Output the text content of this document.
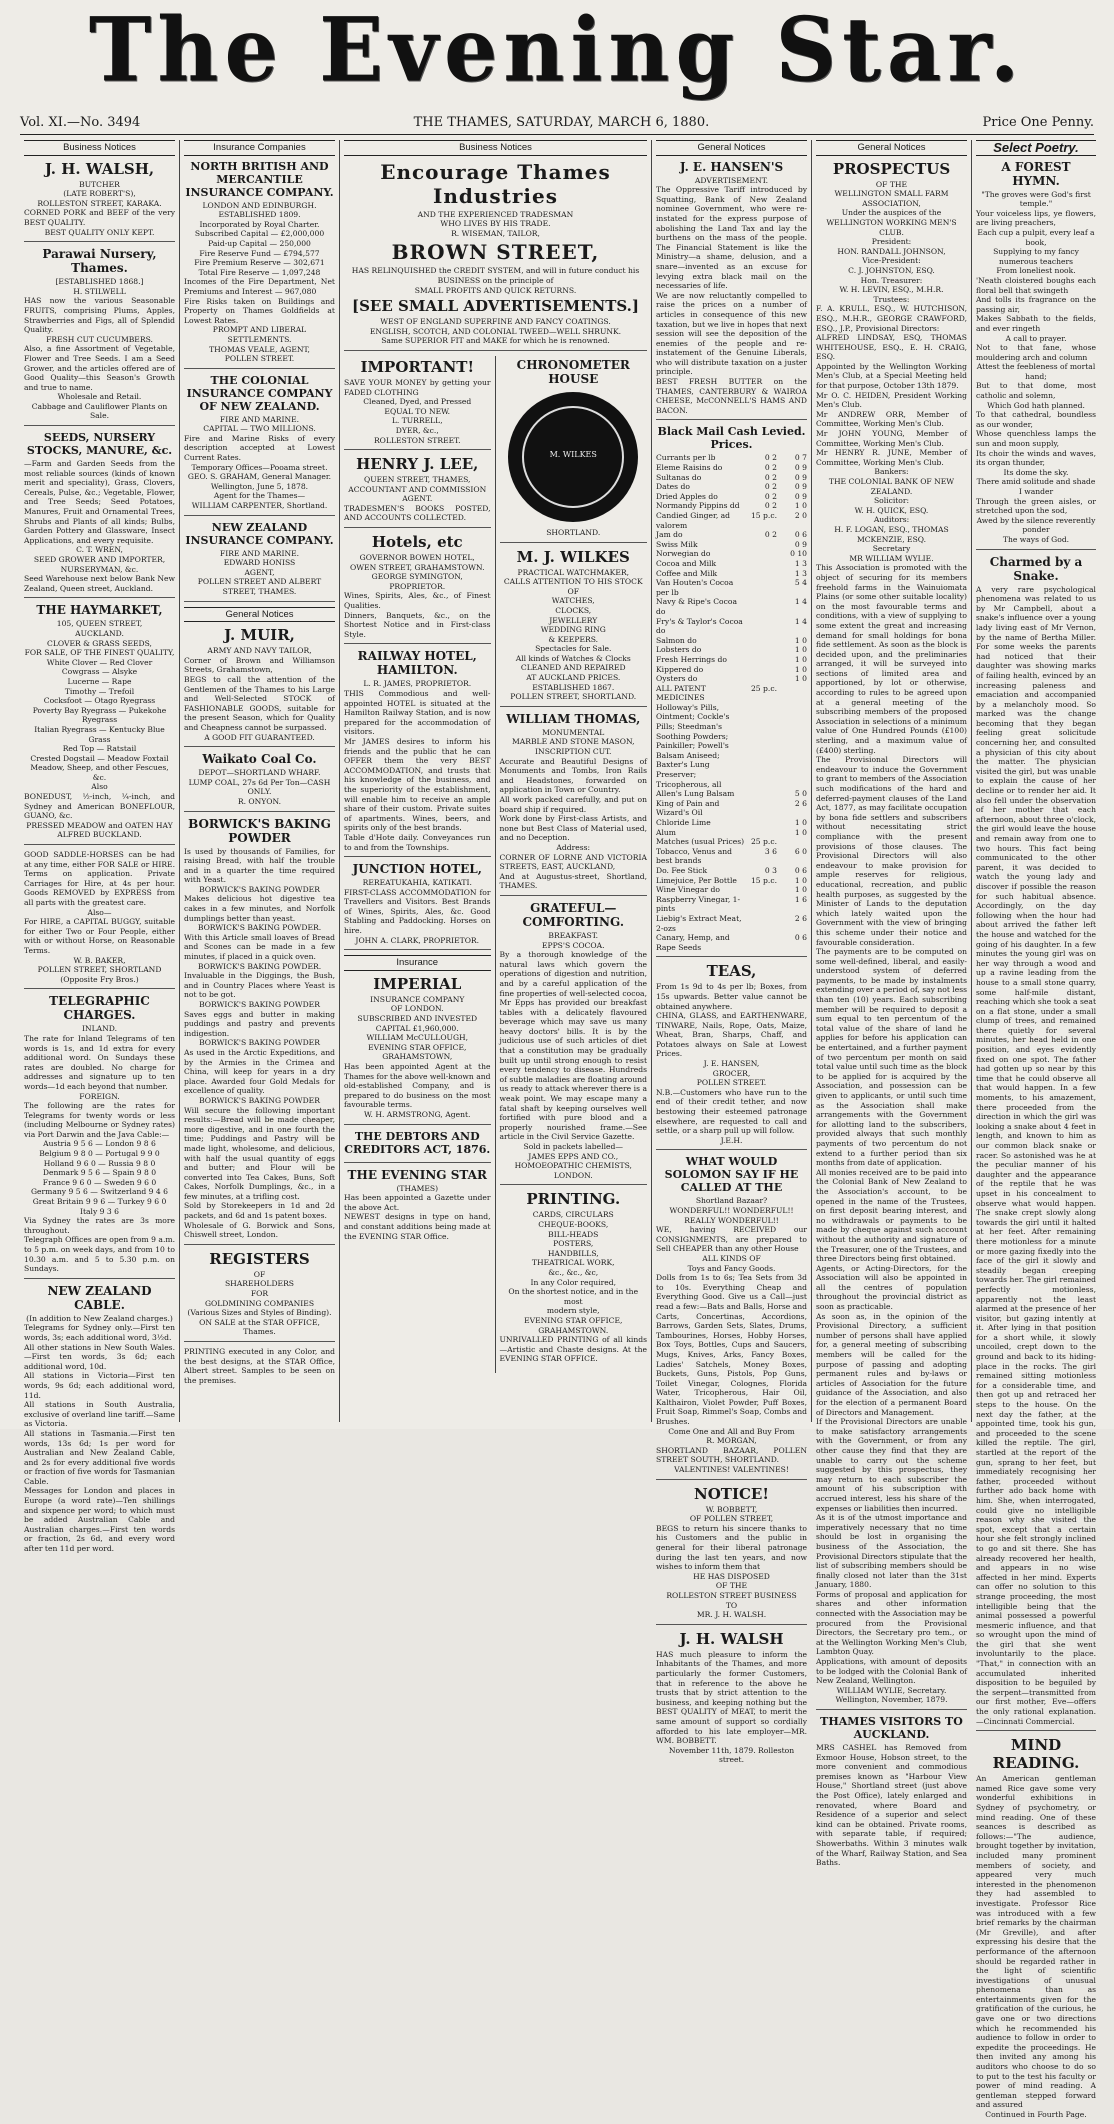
The Evening Star.
Vol. XI.—No. 3494	THE THAMES, SATURDAY, MARCH 6, 1880.	Price One Penny.
Business Notices
J. H. WALSH,
BUTCHER
(LATE ROBERT'S),
ROLLESTON STREET, KARAKA.
CORNED PORK and BEEF of the very BEST QUALITY.
BEST QUALITY ONLY KEPT.
Parawai Nursery, Thames.
[ESTABLISHED 1868.]
H. STILWELL
HAS now the various Seasonable FRUITS, comprising Plums, Apples, Strawberries and Figs, all of Splendid Quality.
FRESH CUT CUCUMBERS.
Also, a fine Assortment of Vegetable, Flower and Tree Seeds. I am a Seed Grower, and the articles offered are of Good Quality—this Season's Growth and true to name.
Wholesale and Retail.
Cabbage and Cauliflower Plants on Sale.
SEEDS, NURSERY STOCKS, MANURE, &c.
—Farm and Garden Seeds from the most reliable sources (kinds of known merit and speciality), Grass, Clovers, Cereals, Pulse, &c.; Vegetable, Flower, and Tree Seeds; Seed Potatoes, Manures, Fruit and Ornamental Trees, Shrubs and Plants of all kinds; Bulbs, Garden Pottery and Glassware, Insect Applications, and every requisite.
C. T. WREN,
SEED GROWER AND IMPORTER, NURSERYMAN, &c.
Seed Warehouse next below Bank New Zealand, Queen street, Auckland.
THE HAYMARKET,
105, QUEEN STREET,
AUCKLAND.
CLOVER & GRASS SEEDS,
FOR SALE, OF THE FINEST QUALITY,
White Clover — Red Clover
Cowgrass — Alsyke
Lucerne — Rape
Timothy — Trefoil
Cocksfoot — Otago Ryegrass
Poverty Bay Ryegrass — Pukekohe Ryegrass
Italian Ryegrass — Kentucky Blue Grass
Red Top — Ratstail
Crested Dogstail — Meadow Foxtail
Meadow, Sheep, and other Fescues, &c.
Also
BONEDUST, ½-inch, ¼-inch, and Sydney and American BONEFLOUR, GUANO, &c.
PRESSED MEADOW and OATEN HAY
ALFRED BUCKLAND.
GOOD SADDLE-HORSES can be had at any time, either FOR SALE or HIRE. Terms on application. Private Carriages for Hire, at 4s per hour. Goods REMOVED by EXPRESS from all parts with the greatest care.
Also—
For HIRE, a CAPITAL BUGGY, suitable for either Two or Four People, either with or without Horse, on Reasonable Terms.
W. B. BAKER,
POLLEN STREET, SHORTLAND
(Opposite Fry Bros.)
TELEGRAPHIC CHARGES.
INLAND.
The rate for Inland Telegrams of ten words is 1s, and 1d extra for every additional word. On Sundays these rates are doubled. No charge for addresses and signature up to ten words—1d each beyond that number.
FOREIGN.
The following are the rates for Telegrams for twenty words or less (including Melbourne or Sydney rates) via Port Darwin and the Java Cable:—
Austria 9 5 6 — London 9 8 6
Belgium 9 8 0 — Portugal 9 9 0
Holland 9 6 0 — Russia 9 8 0
Denmark 9 5 6 — Spain 9 8 0
France 9 6 0 — Sweden 9 6 0
Germany 9 5 6 — Switzerland 9 4 6
Great Britain 9 9 6 — Turkey 9 6 0
Italy 9 3 6
Via Sydney the rates are 3s more throughout.
Telegraph Offices are open from 9 a.m. to 5 p.m. on week days, and from 10 to 10.30 a.m. and 5 to 5.30 p.m. on Sundays.
NEW ZEALAND CABLE.
(In addition to New Zealand charges.)
Telegrams for Sydney only.—First ten words, 3s; each additional word, 3½d.
All other stations in New South Wales.—First ten words, 3s 6d; each additional word, 10d.
All stations in Victoria—First ten words, 9s 6d; each additional word, 11d.
All stations in South Australia, exclusive of overland line tariff.—Same as Victoria.
All stations in Tasmania.—First ten words, 13s 6d; 1s per word for Australian and New Zealand Cable, and 2s for every additional five words or fraction of five words for Tasmanian Cable.
Messages for London and places in Europe (a word rate)—Ten shillings and sixpence per word; to which must be added Australian Cable and Australian charges.—First ten words or fraction, 2s 6d, and every word after ten 11d per word.
Insurance Companies
NORTH BRITISH AND MERCANTILE INSURANCE COMPANY.
LONDON AND EDINBURGH.
ESTABLISHED 1809.
Incorporated by Royal Charter.
Subscribed Capital — £2,000,000
Paid-up Capital — 250,000
Fire Reserve Fund — £794,577
Fire Premium Reserve — 302,671
Total Fire Reserve — 1,097,248
Incomes of the Fire Department, Net Premiums and Interest — 967,080
Fire Risks taken on Buildings and Property on Thames Goldfields at Lowest Rates.
PROMPT AND LIBERAL SETTLEMENTS.
THOMAS VEALE, AGENT,
POLLEN STREET.
THE COLONIAL INSURANCE COMPANY OF NEW ZEALAND.
FIRE AND MARINE.
CAPITAL — TWO MILLIONS.
Fire and Marine Risks of every description accepted at Lowest Current Rates.
Temporary Offices—Pooama street.
GEO. S. GRAHAM, General Manager.
Wellington, June 5, 1878.
Agent for the Thames—
WILLIAM CARPENTER, Shortland.
NEW ZEALAND INSURANCE COMPANY.
FIRE AND MARINE.
EDWARD HONISS
AGENT,
POLLEN STREET AND ALBERT STREET, THAMES.
General Notices
J. MUIR,
ARMY AND NAVY TAILOR,
Corner of Brown and Williamson Streets, Grahamstown,
BEGS to call the attention of the Gentlemen of the Thames to his Large and Well-Selected STOCK of FASHIONABLE GOODS, suitable for the present Season, which for Quality and Cheapness cannot be surpassed.
A GOOD FIT GUARANTEED.
Waikato Coal Co.
DEPOT—SHORTLAND WHARF.
LUMP COAL, 27s 6d Per Ton—CASH ONLY.
R. ONYON.
BORWICK'S BAKING POWDER
Is used by thousands of Families, for raising Bread, with half the trouble and in a quarter the time required with Yeast.
BORWICK'S BAKING POWDER
Makes delicious hot digestive tea cakes in a few minutes, and Norfolk dumplings better than yeast.
BORWICK'S BAKING POWDER.
With this Article small loaves of Bread and Scones can be made in a few minutes, if placed in a quick oven.
BORWICK'S BAKING POWDER.
Invaluable in the Diggings, the Bush, and in Country Places where Yeast is not to be got.
BORWICK'S BAKING POWDER
Saves eggs and butter in making puddings and pastry and prevents indigestion.
BORWICK'S BAKING POWDER
As used in the Arctic Expeditions, and by the Armies in the Crimea and China, will keep for years in a dry place. Awarded four Gold Medals for excellence of quality.
BORWICK'S BAKING POWDER
Will secure the following important results:—Bread will be made cheaper, more digestive, and in one fourth the time; Puddings and Pastry will be made light, wholesome, and delicious, with half the usual quantity of eggs and butter; and Flour will be converted into Tea Cakes, Buns, Soft Cakes, Norfolk Dumplings, &c., in a few minutes, at a trifling cost.
Sold by Storekeepers in 1d and 2d packets, and 6d and 1s patent boxes.
Wholesale of G. Borwick and Sons, Chiswell street, London.
REGISTERS
OF
SHAREHOLDERS
FOR
GOLDMINING COMPANIES
(Various Sizes and Styles of Binding).
ON SALE at the STAR OFFICE, Thames.
PRINTING executed in any Color, and the best designs, at the STAR Office, Albert street. Samples to be seen on the premises.
Business Notices
Encourage Thames Industries
AND THE EXPERIENCED TRADESMAN
WHO LIVES BY HIS TRADE.
R. WISEMAN, TAILOR,
BROWN STREET,
HAS RELINQUISHED the CREDIT SYSTEM, and will in future conduct his BUSINESS on the principle of
SMALL PROFITS AND QUICK RETURNS.
[SEE SMALL ADVERTISEMENTS.]
WEST OF ENGLAND SUPERFINE AND FANCY COATINGS.
ENGLISH, SCOTCH, AND COLONIAL TWEED—WELL SHRUNK.
Same SUPERIOR FIT and MAKE for which he is renowned.
IMPORTANT!
SAVE YOUR MONEY by getting your FADED CLOTHING
Cleaned, Dyed, and Pressed
EQUAL TO NEW.
L. TURRELL,
DYER, &c.,
ROLLESTON STREET.
HENRY J. LEE,
QUEEN STREET, THAMES,
ACCOUNTANT AND COMMISSION AGENT.
TRADESMEN'S BOOKS POSTED, AND ACCOUNTS COLLECTED.
Hotels, etc
GOVERNOR BOWEN HOTEL,
OWEN STREET, GRAHAMSTOWN.
GEORGE SYMINGTON, PROPRIETOR.
Wines, Spirits, Ales, &c., of Finest Qualities.
Dinners, Banquets, &c., on the Shortest Notice and in First-class Style.
RAILWAY HOTEL, HAMILTON.
L. R. JAMES, PROPRIETOR.
THIS Commodious and well-appointed HOTEL is situated at the Hamilton Railway Station, and is now prepared for the accommodation of visitors.
Mr JAMES desires to inform his friends and the public that he can OFFER them the very BEST ACCOMMODATION, and trusts that his knowledge of the business, and the superiority of the establishment, will enable him to receive an ample share of their custom. Private suites of apartments. Wines, beers, and spirits only of the best brands.
Table d'Hote daily. Conveyances run to and from the Townships.
JUNCTION HOTEL,
REREATUKAHIA, KATIKATI.
FIRST-CLASS ACCOMMODATION for Travellers and Visitors. Best Brands of Wines, Spirits, Ales, &c. Good Stabling and Paddocking. Horses on hire.
JOHN A. CLARK, PROPRIETOR.
Insurance
IMPERIAL
INSURANCE COMPANY
OF LONDON.
SUBSCRIBED AND INVESTED
CAPITAL £1,960,000.
WILLIAM McCULLOUGH,
EVENING STAR OFFICE,
GRAHAMSTOWN,
Has been appointed Agent at the Thames for the above well-known and old-established Company, and is prepared to do business on the most favourable terms.
W. H. ARMSTRONG, Agent.
THE DEBTORS AND CREDITORS ACT, 1876.
THE EVENING STAR
(THAMES)
Has been appointed a Gazette under the above Act.
NEWEST designs in type on hand, and constant additions being made at the EVENING STAR Office.
CHRONOMETER HOUSE
M. WILKES
SHORTLAND.
M. J. WILKES
PRACTICAL WATCHMAKER,
CALLS ATTENTION TO HIS STOCK OF
WATCHES,
CLOCKS,
JEWELLERY
WEDDING RING
& KEEPERS.
Spectacles for Sale.
All kinds of Watches & Clocks
CLEANED AND REPAIRED
AT AUCKLAND PRICES.
ESTABLISHED 1867.
POLLEN STREET, SHORTLAND.
WILLIAM THOMAS,
MONUMENTAL
MARBLE AND STONE MASON,
INSCRIPTION CUT.
Accurate and Beautiful Designs of Monuments and Tombs, Iron Rails and Headstones, forwarded on application in Town or Country.
All work packed carefully, and put on board ship if required.
Work done by First-class Artists, and none but Best Class of Material used, and no Deception.
Address:
CORNER OF LORNE AND VICTORIA STREETS, EAST, AUCKLAND,
And at Augustus-street, Shortland, THAMES.
GRATEFUL—COMFORTING.
BREAKFAST.
EPPS'S COCOA.
By a thorough knowledge of the natural laws which govern the operations of digestion and nutrition, and by a careful application of the fine properties of well-selected cocoa, Mr Epps has provided our breakfast tables with a delicately flavoured beverage which may save us many heavy doctors' bills. It is by the judicious use of such articles of diet that a constitution may be gradually built up until strong enough to resist every tendency to disease. Hundreds of subtle maladies are floating around us ready to attack wherever there is a weak point. We may escape many a fatal shaft by keeping ourselves well fortified with pure blood and a properly nourished frame.—See article in the Civil Service Gazette.
Sold in packets labelled—
JAMES EPPS AND CO.,
HOMOEOPATHIC CHEMISTS,
LONDON.
PRINTING.
CARDS, CIRCULARS
CHEQUE-BOOKS,
BILL-HEADS
POSTERS,
HANDBILLS,
THEATRICAL WORK,
&c., &c., &c,
In any Color required,
On the shortest notice, and in the most
modern style,
EVENING STAR OFFICE,
GRAHAMSTOWN.
UNRIVALLED PRINTING of all kinds —Artistic and Chaste designs. At the EVENING STAR OFFICE.
General Notices
J. E. HANSEN'S
ADVERTISEMENT.
The Oppressive Tariff introduced by Squatting, Bank of New Zealand nominee Government, who were re-instated for the express purpose of abolishing the Land Tax and lay the burthens on the mass of the people. The Financial Statement is like the Ministry—a shame, delusion, and a snare—invented as an excuse for levying extra black mail on the necessaries of life.
We are now reluctantly compelled to raise the prices on a number of articles in consequence of this new taxation, but we live in hopes that next session will see the deposition of the enemies of the people and re-instatement of the Genuine Liberals, who will distribute taxation on a juster principle.
BEST FRESH BUTTER on the THAMES, CANTERBURY & WAIROA CHEESE, McCONNELL'S HAMS AND BACON.
Black Mail Cash Levied. Prices.
Currants per lb	0 2	0 7
Eleme Raisins do	0 2	0 9
Sultanas do	0 2	0 9
Dates do	0 2	0 9
Dried Apples do	0 2	0 9
Normandy Pippins dd	0 2	1 0
Candied Ginger, ad valorem
15 p.c.	2 0
Jam do	0 2	0 6
Swiss Milk	0 9
Norwegian do	0 10
Cocoa and Milk	1 3
Coffee and Milk	1 3
Van Houten's Cocoa per lb
5 4
Navy & Ripe's Cocoa do
1 4
Fry's & Taylor's Cocoa do
1 4
Salmon do	1 0
Lobsters do	1 0
Fresh Herrings do	1 0
Kippered do	1 0
Oysters do	1 0
ALL PATENT MEDICINES
25 p.c.
Holloway's Pills, Ointment; Cockle's Pills; Steedman's Soothing Powders; Painkiller; Powell's Balsam Aniseed; Baxter's Lung Preserver; Tricopherous, all
Allen's Lung Balsam	5 0
King of Pain and Wizard's Oil
2 6
Chloride Lime	1 0
Alum	1 0
Matches (usual Prices) 25 p.c.
Tobacco, Venus and best brands
3 6	6 0
Do. Fee Stick	0 3	0 6
Limejuice, Per Bottle	15 p.c.	1 0
Wine Vinegar do	1 0
Raspberry Vinegar, 1-pints
1 6
Liebig's Extract Meat, 2-ozs
2 6
Canary, Hemp, and Rape Seeds
0 6
TEAS,
From 1s 9d to 4s per lb; Boxes, from 15s upwards. Better value cannot be obtained anywhere.
CHINA, GLASS, and EARTHENWARE, TINWARE, Nails, Rope, Oats, Maize, Wheat, Bran, Sharps, Chaff, and Potatoes always on Sale at Lowest Prices.
J. E. HANSEN,
GROCER,
POLLEN STREET.
N.B.—Customers who have run to the end of their credit tether, and now bestowing their esteemed patronage elsewhere, are requested to call and settle, or a sharp pull up will follow.
J.E.H.
WHAT WOULD SOLOMON SAY IF HE CALLED AT THE
Shortland Bazaar?
WONDERFUL!! WONDERFUL!!
REALLY WONDERFUL!!
WE, having RECEIVED our CONSIGNMENTS, are prepared to Sell CHEAPER than any other House
ALL KINDS OF
Toys and Fancy Goods.
Dolls from 1s to 6s; Tea Sets from 3d to 10s. Everything Cheap and Everything Good. Give us a Call—just read a few:—Bats and Balls, Horse and Carts, Concertinas, Accordions, Barrows, Garden Sets, Slates, Drums, Tambourines, Horses, Hobby Horses, Box Toys, Bottles, Cups and Saucers, Mugs, Knives, Arks, Fancy Boxes, Ladies' Satchels, Money Boxes, Buckets, Guns, Pistols, Pop Guns, Toilet Vinegar, Colognes, Florida Water, Tricopherous, Hair Oil, Kalthairon, Violet Powder, Puff Boxes, Fruit Soap, Rimmel's Soap, Combs and Brushes.
Come One and All and Buy From
R. MORGAN,
SHORTLAND BAZAAR, POLLEN STREET SOUTH, SHORTLAND.
VALENTINES! VALENTINES!
NOTICE!
W. BOBBETT,
OF POLLEN STREET,
BEGS to return his sincere thanks to his Customers and the public in general for their liberal patronage during the last ten years, and now wishes to inform them that
HE HAS DISPOSED
OF THE
ROLLESTON STREET BUSINESS
TO
MR. J. H. WALSH.
J. H. WALSH
HAS much pleasure to inform the Inhabitants of the Thames, and more particularly the former Customers, that in reference to the above he trusts that by strict attention to the business, and keeping nothing but the BEST QUALITY of MEAT, to merit the same amount of support so cordially afforded to his late employer—MR. WM. BOBBETT.
November 11th, 1879. Rolleston street.
General Notices
PROSPECTUS
OF THE
WELLINGTON SMALL FARM ASSOCIATION,
Under the auspices of the
WELLINGTON WORKING MEN'S CLUB.
President:
HON. RANDALL JOHNSON,
Vice-President:
C. J. JOHNSTON, ESQ.
Hon. Treasurer:
W. H. LEVIN, ESQ., M.H.R.
Trustees:
F. A. KRULL, ESQ., W. HUTCHISON, ESQ., M.H.R., GEORGE CRAWFORD, ESQ., J.P., Provisional Directors:
ALFRED LINDSAY, ESQ, THOMAS WHITEHOUSE, ESQ., E. H. CRAIG, ESQ.
Appointed by the Wellington Working Men's Club, at a Special Meeting held for that purpose, October 13th 1879.
Mr O. C. HEIDEN, President Working Men's Club.
Mr ANDREW ORR, Member of Committee, Working Men's Club.
Mr JOHN YOUNG, Member of Committee, Working Men's Club.
Mr HENRY R. JUNE, Member of Committee, Working Men's Club.
Bankers:
THE COLONIAL BANK OF NEW ZEALAND.
Solicitor:
W. H. QUICK, ESQ.
Auditors:
H. F. LOGAN, ESQ., THOMAS MCKENZIE, ESQ.
Secretary
MR WILLIAM WYLIE.
This Association is promoted with the object of securing for its members freehold farms in the Wainuiomata Plains (or some other suitable locality) on the most favourable terms and conditions, with a view of supplying to some extent the great and increasing demand for small holdings for bona fide settlement. As soon as the block is decided upon, and the preliminaries arranged, it will be surveyed into sections of limited area and apportioned, by lot or otherwise, according to rules to be agreed upon at a general meeting of the subscribing members of the proposed Association in selections of a minimum value of One Hundred Pounds (£100) sterling, and a maximum value of (£400) sterling.
The Provisional Directors will endeavour to induce the Government to grant to members of the Association such modifications of the hard and deferred-payment clauses of the Land Act, 1877, as may facilitate occupation by bona fide settlers and subscribers without necessitating strict compliance with the present provisions of those clauses. The Provisional Directors will also endeavour to make provision for ample reserves for religious, educational, recreation, and public health purposes, as suggested by the Minister of Lands to the deputation which lately waited upon the Government with the view of bringing this scheme under their notice and favourable consideration.
The payments are to be computed on some well-defined, liberal, and easily-understood system of deferred payments, to be made by instalments extending over a period of, say not less than ten (10) years. Each subscribing member will be required to deposit a sum equal to ten percentum of the total value of the share of land he applies for before his application can be entertained, and a further payment of two percentum per month on said total value until such time as the block to be applied for is acquired by the Association, and possession can be given to applicants, or until such time as the Association shall make arrangements with the Government for allotting land to the subscribers, provided always that such monthly payments of two percentum do not extend to a further period than six months from date of application.
All monies received are to be paid into the Colonial Bank of New Zealand to the Association's account, to be opened in the name of the Trustees, on first deposit bearing interest, and no withdrawals or payments to be made by cheque against such account without the authority and signature of the Treasurer, one of the Trustees, and three Directors being first obtained.
Agents, or Acting-Directors, for the Association will also be appointed in all the centres of population throughout the provincial district as soon as practicable.
As soon as, in the opinion of the Provisional Directory, a sufficient number of persons shall have applied for, a general meeting of subscribing members will be called for the purpose of passing and adopting permanent rules and by-laws or articles of Association for the future guidance of the Association, and also for the election of a permanent Board of Directors and Management.
If the Provisional Directors are unable to make satisfactory arrangements with the Government, or from any other cause they find that they are unable to carry out the scheme suggested by this prospectus, they may return to each subscriber the amount of his subscription with accrued interest, less his share of the expenses or liabilities then incurred.
As it is of the utmost importance and imperatively necessary that no time should be lost in organising the business of the Association, the Provisional Directors stipulate that the list of subscribing members should be finally closed not later than the 31st January, 1880.
Forms of proposal and application for shares and other information connected with the Association may be procured from the Provisional Directors, the Secretary pro tem., or at the Wellington Working Men's Club, Lambton Quay.
Applications, with amount of deposits to be lodged with the Colonial Bank of New Zealand, Wellington.
WILLIAM WYLIE, Secretary.
Wellington, November, 1879.
THAMES VISITORS TO AUCKLAND.
MRS CASHEL has Removed from Exmoor House, Hobson street, to the more convenient and commodious premises known as "Harbour View House," Shortland street (just above the Post Office), lately enlarged and renovated, where Board and Residence of a superior and select kind can be obtained. Private rooms, with separate table, if required; Showerbaths. Within 3 minutes walk of the Wharf, Railway Station, and Sea Baths.
Select Poetry.
A FOREST HYMN.
"The groves were God's first temple."
Your voiceless lips, ye flowers, are living preachers,
Each cup a pulpit, every leaf a book,
Supplying to my fancy numerous teachers
From loneliest nook.
'Neath cloistered boughs each floral bell that swingeth
And tolls its fragrance on the passing air,
Makes Sabbath to the fields, and ever ringeth
A call to prayer.
Not to that fane, whose mouldering arch and column
Attest the feebleness of mortal hand;
But to that dome, most catholic and solemn,
Which God hath planned.
To that cathedral, boundless as our wonder,
Whose quenchless lamps the sun and moon supply,
Its choir the winds and waves, its organ thunder,
Its dome the sky.
There amid solitude and shade I wander
Through the green aisles, or stretched upon the sod,
Awed by the silence reverently ponder
The ways of God.
Charmed by a Snake.
A very rare psychological phenomena was related to us by Mr Campbell, about a snake's influence over a young lady living east of Mr Vernon, by the name of Bertha Miller. For some weeks the parents had noticed that their daughter was showing marks of failing health, evinced by an increasing paleness and emaciation and accompanied by a melancholy mood. So marked was the change becoming that they began feeling great solicitude concerning her, and consulted a physician of this city about the matter. The physician visited the girl, but was unable to explain the cause of her decline or to render her aid. It also fell under the observation of her mother that each afternoon, about three o'clock, the girl would leave the house and remain away from one to two hours. This fact being communicated to the other parent, it was decided to watch the young lady and discover if possible the reason for such habitual absence. Accordingly, on the day following when the hour had about arrived the father left the house and watched for the going of his daughter. In a few minutes the young girl was on her way through a wood and up a ravine leading from the house to a small stone quarry, some half-mile distant, reaching which she took a seat on a flat stone, under a small clump of trees, and remained there quietly for several minutes, her head held in one position, and eyes evidently fixed on one spot. The father had gotten up so near by this time that he could observe all that would happen. In a few moments, to his amazement, there proceeded from the direction in which the girl was looking a snake about 4 feet in length, and known to him as our common black snake or racer. So astonished was he at the peculiar manner of his daughter and the appearance of the reptile that he was upset in his concealment to observe what would happen. The snake crept slowly along towards the girl until it halted at her feet. After remaining there motionless for a minute or more gazing fixedly into the face of the girl it slowly and steadily began creeping towards her. The girl remained perfectly motionless, apparently not the least alarmed at the presence of her visitor, but gazing intently at it. After lying in that position for a short while, it slowly uncoiled, crept down to the ground and back to its hiding-place in the rocks. The girl remained sitting motionless for a considerable time, and then got up and retraced her steps to the house. On the next day the father, at the appointed time, took his gun, and proceeded to the scene killed the reptile. The girl, startled at the report of the gun, sprang to her feet, but immediately recognising her father, proceeded without further ado back home with him. She, when interrogated, could give no intelligible reason why she visited the spot, except that a certain hour she felt strongly inclined to go and sit there. She has already recovered her health, and appears in no wise affected in her mind. Experts can offer no solution to this strange proceeding, the most intelligible being that the animal possessed a powerful mesmeric influence, and that so wrought upon the mind of the girl that she went involuntarily to the place. "That," in connection with an accumulated inherited disposition to be beguiled by the serpent—transmitted from our first mother, Eve—offers the only rational explanation.—Cincinnati Commercial.
MIND READING.
An American gentleman named Rice gave some very wonderful exhibitions in Sydney of psychometry, or mind reading. One of these seances is described as follows:—"The audience, brought together by invitation, included many prominent members of society, and appeared very much interested in the phenomenon they had assembled to investigate. Professor Rice was introduced with a few brief remarks by the chairman (Mr Greville), and after expressing his desire that the performance of the afternoon should be regarded rather in the light of scientific investigations of unusual phenomena than as entertainments given for the gratification of the curious, he gave one or two directions which he recommended his audience to follow in order to expedite the proceedings. He then invited any among his auditors who choose to do so to put to the test his faculty or power of mind reading. A gentleman stepped forward and assured
Continued in Fourth Page.
